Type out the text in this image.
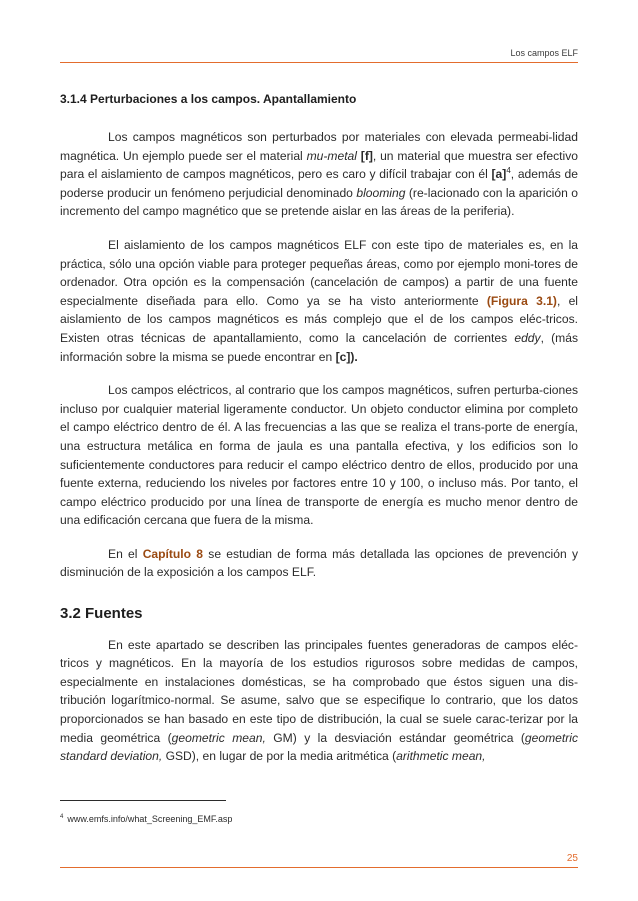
Los campos ELF
3.1.4 Perturbaciones a los campos. Apantallamiento

Los campos magnéticos son perturbados por materiales con elevada permeabi-lidad magnética. Un ejemplo puede ser el material mu-metal [f], un material que muestra ser efectivo para el aislamiento de campos magnéticos, pero es caro y difícil trabajar con él $[a]^4$, además de poderse producir un fenómeno perjudicial denominado blooming (re-lacionado con la aparición o incremento del campo magnético que se pretende aislar en las áreas de la periferia).

El aislamiento de los campos magnéticos ELF con este tipo de materiales es, en la práctica, sólo una opción viable para proteger pequeñas áreas, como por ejemplo moni-tores de ordenador. Otra opción es la compensación (cancelación de campos) a partir de una fuente especialmente diseñada para ello. Como ya se ha visto anteriormente (Figura 3.1), el aislamiento de los campos magnéticos es más complejo que el de los campos eléc-tricos. Existen otras técnicas de apantallamiento, como la cancelación de corrientes eddy, (más información sobre la misma se puede encontrar en [c]).

Los campos eléctricos, al contrario que los campos magnéticos, sufren perturba-ciones incluso por cualquier material ligeramente conductor. Un objeto conductor elimina por completo el campo eléctrico dentro de él. A las frecuencias a las que se realiza el trans-porte de energía, una estructura metálica en forma de jaula es una pantalla efectiva, y los edificios son lo suficientemente conductores para reducir el campo eléctrico dentro de ellos, producido por una fuente externa, reduciendo los niveles por factores entre 10 y 100, o incluso más. Por tanto, el campo eléctrico producido por una línea de transporte de energía es mucho menor dentro de una edificación cercana que fuera de la misma.

En el Capítulo 8 se estudian de forma más detallada las opciones de prevención y disminución de la exposición a los campos ELF.

3.2 Fuentes

En este apartado se describen las principales fuentes generadoras de campos eléc-tricos y magnéticos. En la mayoría de los estudios rigurosos sobre medidas de campos, especialmente en instalaciones domésticas, se ha comprobado que éstos siguen una dis-tribución logarítmico-normal. Se asume, salvo que se especifique lo contrario, que los datos proporcionados se han basado en este tipo de distribución, la cual se suele carac-terizar por la media geométrica (geometric mean, GM) y la desviación estándar geométrica (geometric standard deviation, GSD), en lugar de por la media aritmética (arithmetic mean,

$^4$ www.emfs.info/what_Screening_EMF.asp
25
